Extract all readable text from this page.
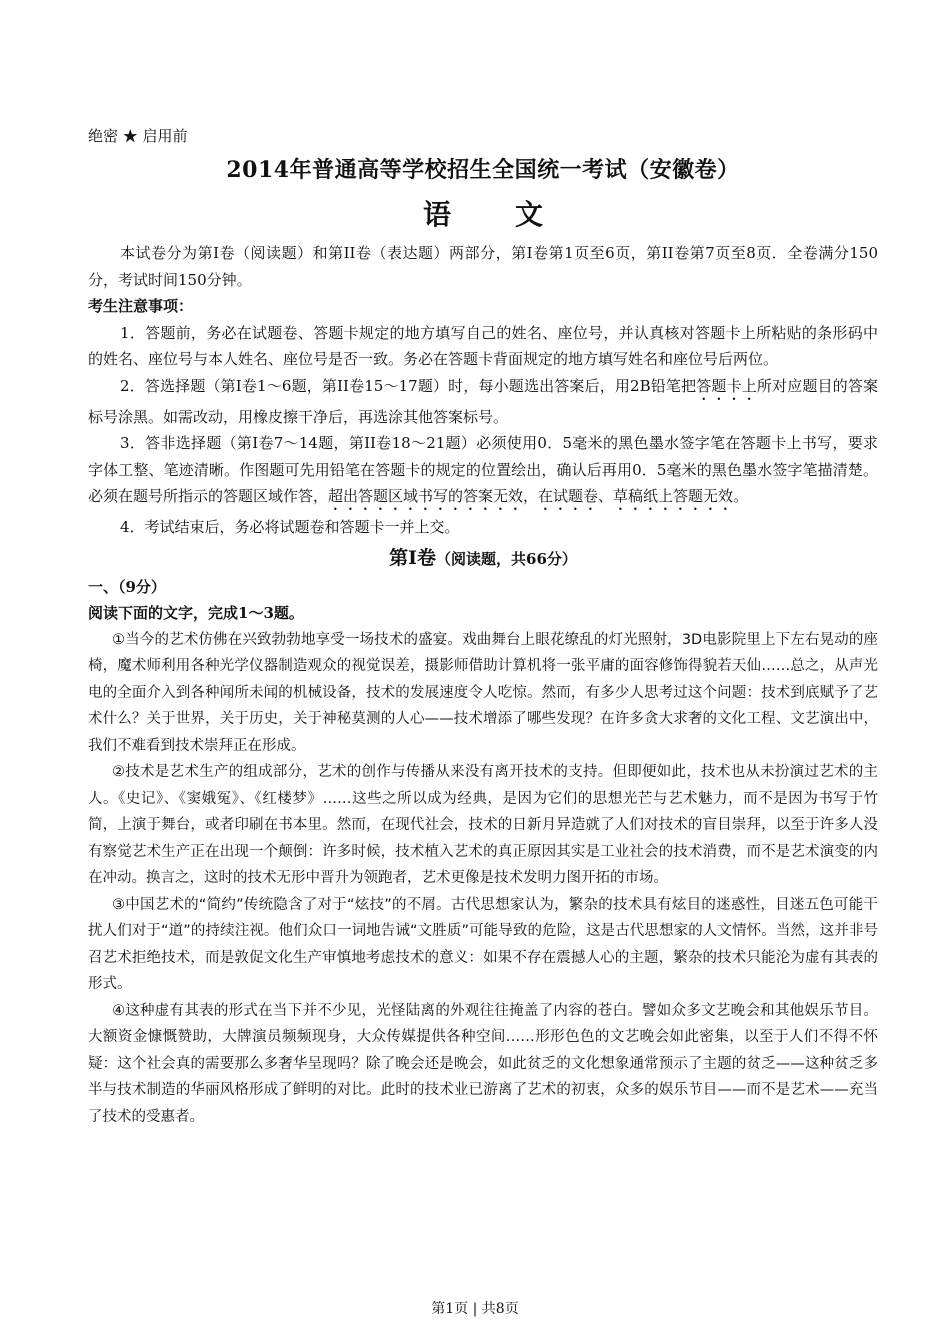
绝密 ★ 启用前
2014年普通高等学校招生全国统一考试（安徽卷）
语文

本试卷分为第I卷（阅读题）和第II卷（表达题）两部分，第I卷第1页至6页，第II卷第7页至8页．全卷满分150分，考试时间150分钟。

考生注意事项：

1．答题前，务必在试题卷、答题卡规定的地方填写自己的姓名、座位号，并认真核对答题卡上所粘贴的条形码中的姓名、座位号与本人姓名、座位号是否一致。务必在答题卡背面规定的地方填写姓名和座位号后两位。

2．答选择题（第I卷1～6题，第II卷15～17题）时，每小题选出答案后，用2B铅笔把答题卡上所对应题目的答案标号涂黑。如需改动，用橡皮擦干净后，再选涂其他答案标号。

3．答非选择题（第I卷7～14题，第II卷18～21题）必须使用0．5毫米的黑色墨水签字笔在答题卡上书写，要求字体工整、笔迹清晰。作图题可先用铅笔在答题卡的规定的位置绘出，确认后再用0．5毫米的黑色墨水签字笔描清楚。必须在题号所指示的答题区域作答，超出答题区域书写的答案无效，在试题卷、草稿纸上答题无效。

4．考试结束后，务必将试题卷和答题卡一并上交。

第I卷（阅读题，共66分）

一、（9分）

阅读下面的文字，完成1～3题。

①当今的艺术仿佛在兴致勃勃地享受一场技术的盛宴。戏曲舞台上眼花缭乱的灯光照射，3D电影院里上下左右晃动的座椅，魔术师利用各种光学仪器制造观众的视觉误差，摄影师借助计算机将一张平庸的面容修饰得貌若天仙……总之，从声光电的全面介入到各种闻所未闻的机械设备，技术的发展速度令人吃惊。然而，有多少人思考过这个问题：技术到底赋予了艺术什么？关于世界，关于历史，关于神秘莫测的人心——技术增添了哪些发现？在许多贪大求奢的文化工程、文艺演出中，我们不难看到技术崇拜正在形成。

②技术是艺术生产的组成部分，艺术的创作与传播从来没有离开技术的支持。但即便如此，技术也从未扮演过艺术的主人。《史记》、《窦娥冤》、《红楼梦》……这些之所以成为经典，是因为它们的思想光芒与艺术魅力，而不是因为书写于竹简，上演于舞台，或者印刷在书本里。然而，在现代社会，技术的日新月异造就了人们对技术的盲目崇拜，以至于许多人没有察觉艺术生产正在出现一个颠倒：许多时候，技术植入艺术的真正原因其实是工业社会的技术消费，而不是艺术演变的内在冲动。换言之，这时的技术无形中晋升为领跑者，艺术更像是技术发明力图开拓的市场。

③中国艺术的“简约”传统隐含了对于“炫技”的不屑。古代思想家认为，繁杂的技术具有炫目的迷惑性，目迷五色可能干扰人们对于“道”的持续注视。他们众口一词地告诫“文胜质”可能导致的危险，这是古代思想家的人文情怀。当然，这并非号召艺术拒绝技术，而是敦促文化生产审慎地考虑技术的意义：如果不存在震撼人心的主题，繁杂的技术只能沦为虚有其表的形式。

④这种虚有其表的形式在当下并不少见，光怪陆离的外观往往掩盖了内容的苍白。譬如众多文艺晚会和其他娱乐节目。大额资金慷慨赞助，大牌演员频频现身，大众传媒提供各种空间……形形色色的文艺晚会如此密集，以至于人们不得不怀疑：这个社会真的需要那么多奢华呈现吗？除了晚会还是晚会，如此贫乏的文化想象通常预示了主题的贫乏——这种贫乏多半与技术制造的华丽风格形成了鲜明的对比。此时的技术业已游离了艺术的初衷，众多的娱乐节目——而不是艺术——充当了技术的受惠者。

第1页 | 共8页
